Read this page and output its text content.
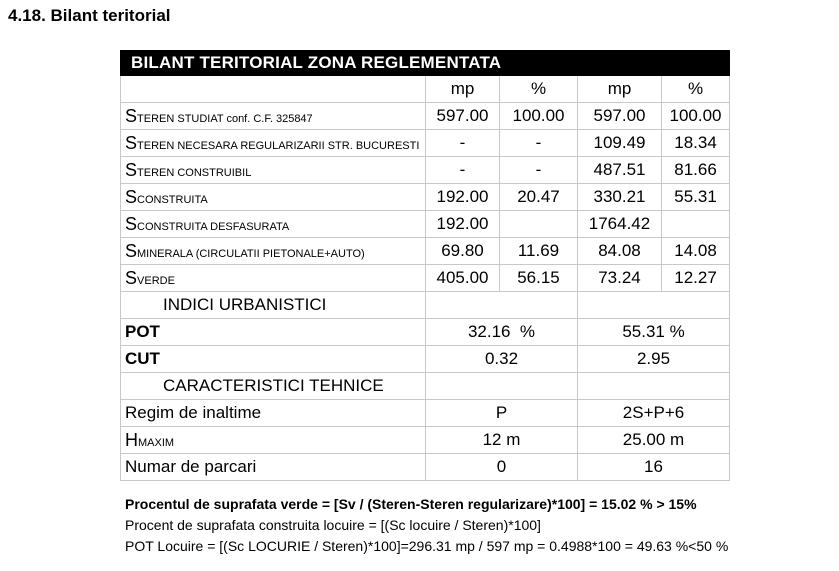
4.18. Bilant teritorial
BILANT TERITORIAL ZONA REGLEMENTATA				
	mp	%	mp	%
STEREN STUDIAT conf. C.F. 325847	597.00	100.00	597.00	100.00
STEREN NECESARA REGULARIZARII STR. BUCURESTI	-	-	109.49	18.34
STEREN CONSTRUIBIL	-	-	487.51	81.66
SCONSTRUITA	192.00	20.47	330.21	55.31
SCONSTRUITA DESFASURATA	192.00		1764.42	
SMINERALA (CIRCULATII PIETONALE+AUTO)	69.80	11.69	84.08	14.08
SVERDE	405.00	56.15	73.24	12.27
INDICI URBANISTICI				
POT	32.16  %		55.31 %	
CUT	0.32		2.95	
CARACTERISTICI TEHNICE				
Regim de inaltime	P		2S+P+6	
HMAXIM	12 m		25.00 m	
Numar de parcari	0		16	
Procentul de suprafata verde = [Sv / (Steren-Steren regularizare)*100] = 15.02 % > 15%
Procent de suprafata construita locuire = [(Sc locuire / Steren)*100]
POT Locuire = [(Sc LOCURIE / Steren)*100]=296.31 mp / 597 mp = 0.4988*100 = 49.63 %<50 %
